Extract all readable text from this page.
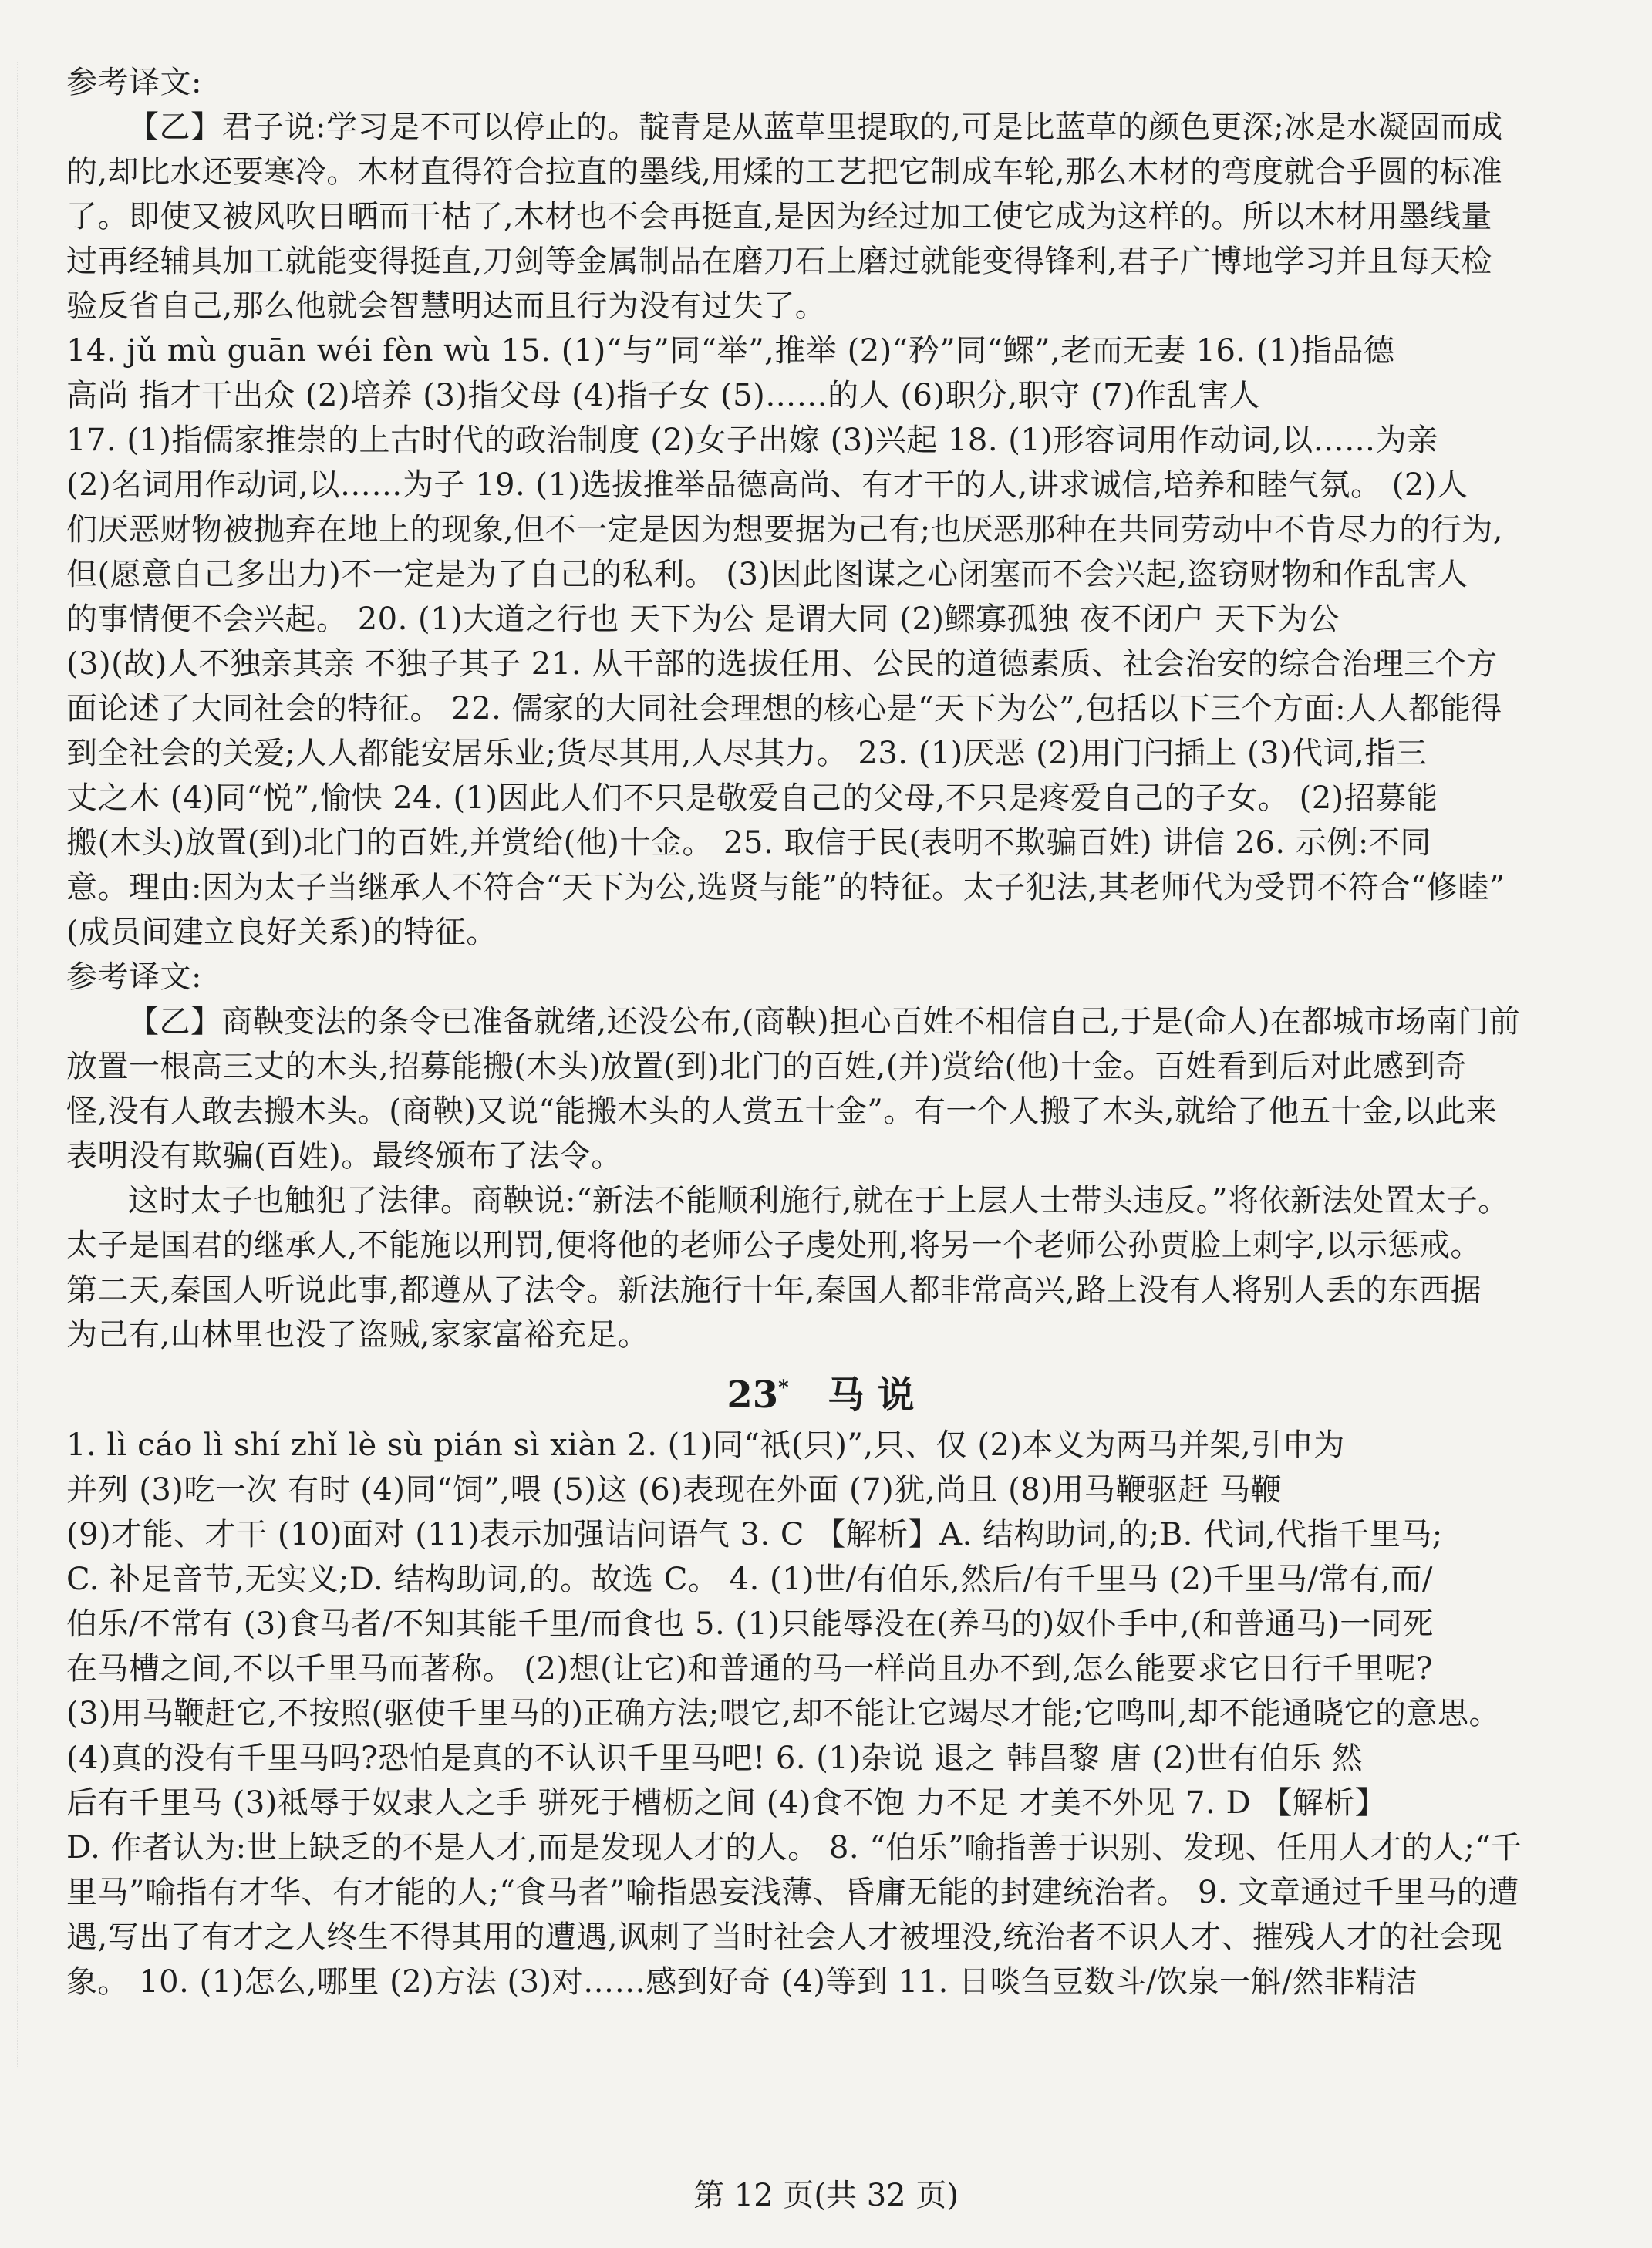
参考译文:
【乙】君子说:学习是不可以停止的。靛青是从蓝草里提取的,可是比蓝草的颜色更深;冰是水凝固而成
的,却比水还要寒冷。木材直得符合拉直的墨线,用煣的工艺把它制成车轮,那么木材的弯度就合乎圆的标准
了。即使又被风吹日晒而干枯了,木材也不会再挺直,是因为经过加工使它成为这样的。所以木材用墨线量
过再经辅具加工就能变得挺直,刀剑等金属制品在磨刀石上磨过就能变得锋利,君子广博地学习并且每天检
验反省自己,那么他就会智慧明达而且行为没有过失了。
14. jǔ mù guān wéi fèn wù 15. (1)“与”同“举”,推举 (2)“矜”同“鳏”,老而无妻 16. (1)指品德
高尚 指才干出众 (2)培养 (3)指父母 (4)指子女 (5)……的人 (6)职分,职守 (7)作乱害人
17. (1)指儒家推崇的上古时代的政治制度 (2)女子出嫁 (3)兴起 18. (1)形容词用作动词,以……为亲
(2)名词用作动词,以……为子 19. (1)选拔推举品德高尚、有才干的人,讲求诚信,培养和睦气氛。 (2)人
们厌恶财物被抛弃在地上的现象,但不一定是因为想要据为己有;也厌恶那种在共同劳动中不肯尽力的行为,
但(愿意自己多出力)不一定是为了自己的私利。 (3)因此图谋之心闭塞而不会兴起,盗窃财物和作乱害人
的事情便不会兴起。 20. (1)大道之行也 天下为公 是谓大同 (2)鳏寡孤独 夜不闭户 天下为公
(3)(故)人不独亲其亲 不独子其子 21. 从干部的选拔任用、公民的道德素质、社会治安的综合治理三个方
面论述了大同社会的特征。 22. 儒家的大同社会理想的核心是“天下为公”,包括以下三个方面:人人都能得
到全社会的关爱;人人都能安居乐业;货尽其用,人尽其力。 23. (1)厌恶 (2)用门闩插上 (3)代词,指三
丈之木 (4)同“悦”,愉快 24. (1)因此人们不只是敬爱自己的父母,不只是疼爱自己的子女。 (2)招募能
搬(木头)放置(到)北门的百姓,并赏给(他)十金。 25. 取信于民(表明不欺骗百姓) 讲信 26. 示例:不同
意。理由:因为太子当继承人不符合“天下为公,选贤与能”的特征。太子犯法,其老师代为受罚不符合“修睦”
(成员间建立良好关系)的特征。
参考译文:
【乙】商鞅变法的条令已准备就绪,还没公布,(商鞅)担心百姓不相信自己,于是(命人)在都城市场南门前
放置一根高三丈的木头,招募能搬(木头)放置(到)北门的百姓,(并)赏给(他)十金。百姓看到后对此感到奇
怪,没有人敢去搬木头。(商鞅)又说“能搬木头的人赏五十金”。有一个人搬了木头,就给了他五十金,以此来
表明没有欺骗(百姓)。最终颁布了法令。
这时太子也触犯了法律。商鞅说:“新法不能顺利施行,就在于上层人士带头违反。”将依新法处置太子。
太子是国君的继承人,不能施以刑罚,便将他的老师公子虔处刑,将另一个老师公孙贾脸上刺字,以示惩戒。
第二天,秦国人听说此事,都遵从了法令。新法施行十年,秦国人都非常高兴,路上没有人将别人丢的东西据
为己有,山林里也没了盗贼,家家富裕充足。
23* 马 说
1. lì cáo lì shí zhǐ lè sù pián sì xiàn 2. (1)同“祇(只)”,只、仅 (2)本义为两马并架,引申为
并列 (3)吃一次 有时 (4)同“饲”,喂 (5)这 (6)表现在外面 (7)犹,尚且 (8)用马鞭驱赶 马鞭
(9)才能、才干 (10)面对 (11)表示加强诘问语气 3. C 【解析】A. 结构助词,的;B. 代词,代指千里马;
C. 补足音节,无实义;D. 结构助词,的。故选 C。 4. (1)世/有伯乐,然后/有千里马 (2)千里马/常有,而/
伯乐/不常有 (3)食马者/不知其能千里/而食也 5. (1)只能辱没在(养马的)奴仆手中,(和普通马)一同死
在马槽之间,不以千里马而著称。 (2)想(让它)和普通的马一样尚且办不到,怎么能要求它日行千里呢?
(3)用马鞭赶它,不按照(驱使千里马的)正确方法;喂它,却不能让它竭尽才能;它鸣叫,却不能通晓它的意思。
(4)真的没有千里马吗?恐怕是真的不认识千里马吧! 6. (1)杂说 退之 韩昌黎 唐 (2)世有伯乐 然
后有千里马 (3)祗辱于奴隶人之手 骈死于槽枥之间 (4)食不饱 力不足 才美不外见 7. D 【解析】
D. 作者认为:世上缺乏的不是人才,而是发现人才的人。 8. “伯乐”喻指善于识别、发现、任用人才的人;“千
里马”喻指有才华、有才能的人;“食马者”喻指愚妄浅薄、昏庸无能的封建统治者。 9. 文章通过千里马的遭
遇,写出了有才之人终生不得其用的遭遇,讽刺了当时社会人才被埋没,统治者不识人才、摧残人才的社会现
象。 10. (1)怎么,哪里 (2)方法 (3)对……感到好奇 (4)等到 11. 日啖刍豆数斗/饮泉一斛/然非精洁
第 12 页(共 32 页)
